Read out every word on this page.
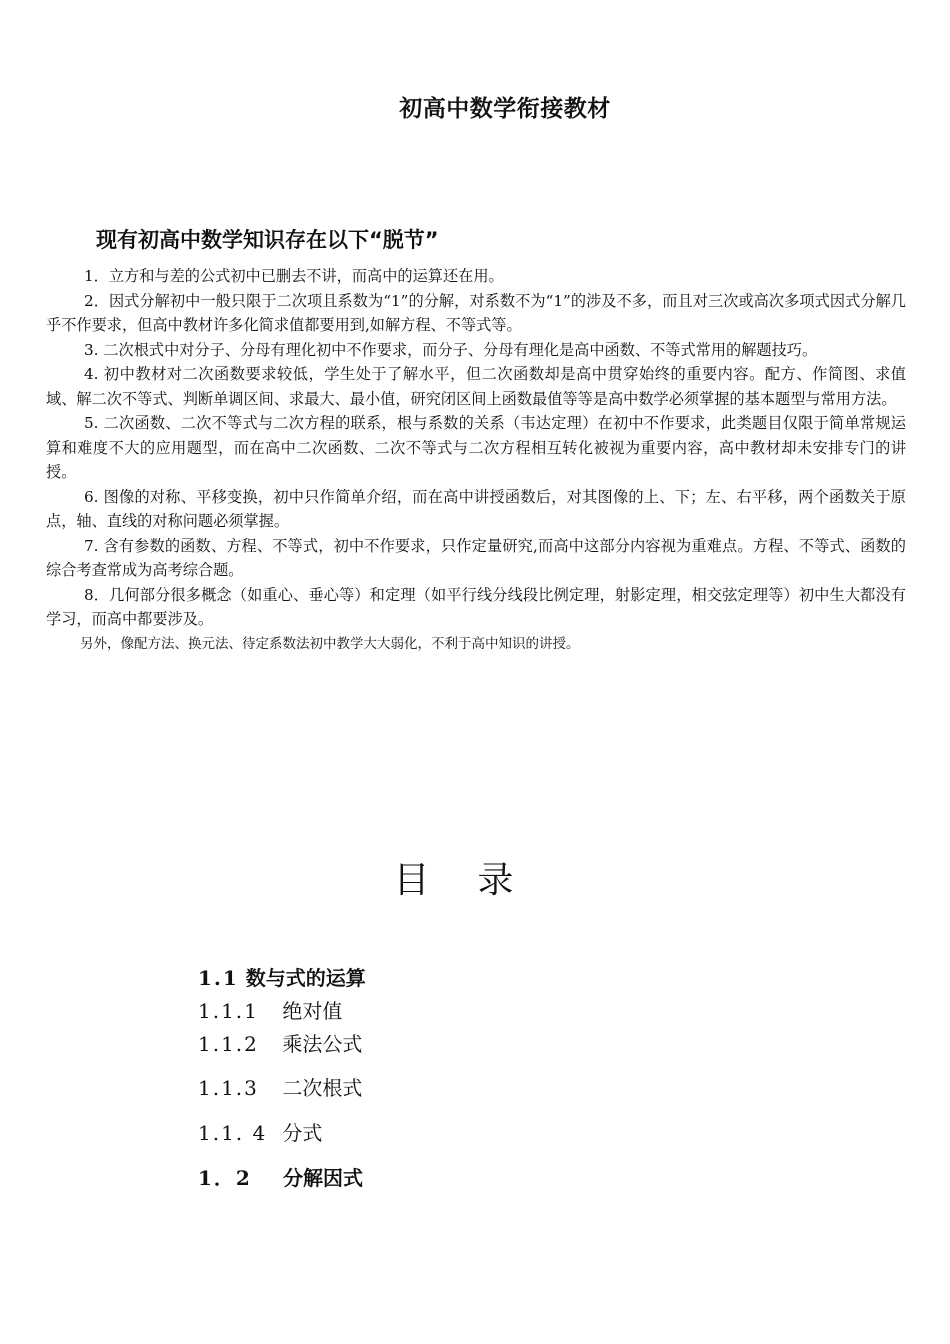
初高中数学衔接教材
现有初高中数学知识存在以下“脱节”

1．立方和与差的公式初中已删去不讲，而高中的运算还在用。

2．因式分解初中一般只限于二次项且系数为“1”的分解，对系数不为“1”的涉及不多，而且对三次或高次多项式因式分解几乎不作要求，但高中教材许多化简求值都要用到,如解方程、不等式等。

3. 二次根式中对分子、分母有理化初中不作要求，而分子、分母有理化是高中函数、不等式常用的解题技巧。

4. 初中教材对二次函数要求较低，学生处于了解水平，但二次函数却是高中贯穿始终的重要内容。配方、作简图、求值域、解二次不等式、判断单调区间、求最大、最小值，研究闭区间上函数最值等等是高中数学必须掌握的基本题型与常用方法。

5. 二次函数、二次不等式与二次方程的联系，根与系数的关系（韦达定理）在初中不作要求，此类题目仅限于简单常规运算和难度不大的应用题型，而在高中二次函数、二次不等式与二次方程相互转化被视为重要内容，高中教材却未安排专门的讲授。

6. 图像的对称、平移变换，初中只作简单介绍，而在高中讲授函数后，对其图像的上、下；左、右平移，两个函数关于原点，轴、直线的对称问题必须掌握。

7. 含有参数的函数、方程、不等式，初中不作要求，只作定量研究,而高中这部分内容视为重难点。方程、不等式、函数的综合考查常成为高考综合题。

8．几何部分很多概念（如重心、垂心等）和定理（如平行线分线段比例定理，射影定理，相交弦定理等）初中生大都没有学习，而高中都要涉及。

另外，像配方法、换元法、待定系数法初中教学大大弱化，不利于高中知识的讲授。

目录
1.1 数与式的运算
1.1.1 绝对值
1.1.2 乘法公式
1.1.3 二次根式
1.1. 4 分式
1．2 分解因式
